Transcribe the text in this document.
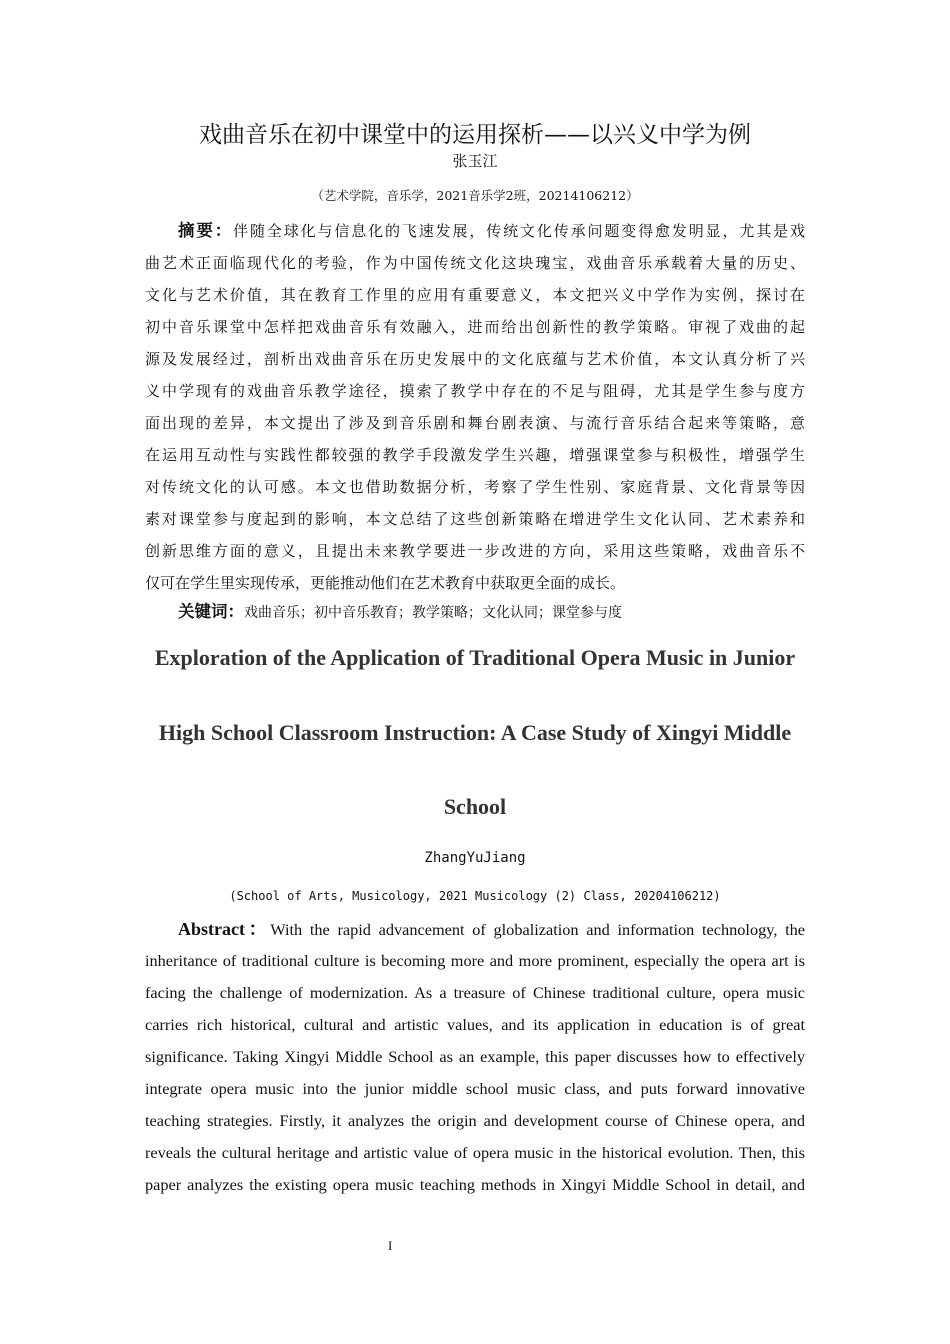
戏曲音乐在初中课堂中的运用探析——以兴义中学为例
张玉江
（艺术学院，音乐学，2021音乐学2班，20214106212）
摘要：伴随全球化与信息化的飞速发展，传统文化传承问题变得愈发明显，尤其是戏
曲艺术正面临现代化的考验，作为中国传统文化这块瑰宝，戏曲音乐承载着大量的历史、
文化与艺术价值，其在教育工作里的应用有重要意义，本文把兴义中学作为实例，探讨在
初中音乐课堂中怎样把戏曲音乐有效融入，进而给出创新性的教学策略。审视了戏曲的起
源及发展经过，剖析出戏曲音乐在历史发展中的文化底蕴与艺术价值，本文认真分析了兴
义中学现有的戏曲音乐教学途径，摸索了教学中存在的不足与阻碍，尤其是学生参与度方
面出现的差异，本文提出了涉及到音乐剧和舞台剧表演、与流行音乐结合起来等策略，意
在运用互动性与实践性都较强的教学手段激发学生兴趣，增强课堂参与积极性，增强学生
对传统文化的认可感。本文也借助数据分析，考察了学生性别、家庭背景、文化背景等因
素对课堂参与度起到的影响，本文总结了这些创新策略在增进学生文化认同、艺术素养和
创新思维方面的意义，且提出未来教学要进一步改进的方向，采用这些策略，戏曲音乐不
仅可在学生里实现传承，更能推动他们在艺术教育中获取更全面的成长。
关键词：戏曲音乐；初中音乐教育；教学策略；文化认同；课堂参与度
Exploration of the Application of Traditional Opera Music in Junior
High School Classroom Instruction: A Case Study of Xingyi Middle
School
ZhangYuJiang
(School of Arts, Musicology, 2021 Musicology (2) Class, 20204106212)
Abstract：With the rapid advancement of globalization and information technology, the
inheritance of traditional culture is becoming more and more prominent, especially the opera art is
facing the challenge of modernization. As a treasure of Chinese traditional culture, opera music
carries rich historical, cultural and artistic values, and its application in education is of great
significance. Taking Xingyi Middle School as an example, this paper discusses how to effectively
integrate opera music into the junior middle school music class, and puts forward innovative
teaching strategies. Firstly, it analyzes the origin and development course of Chinese opera, and
reveals the cultural heritage and artistic value of opera music in the historical evolution. Then, this
paper analyzes the existing opera music teaching methods in Xingyi Middle School in detail, and
I
